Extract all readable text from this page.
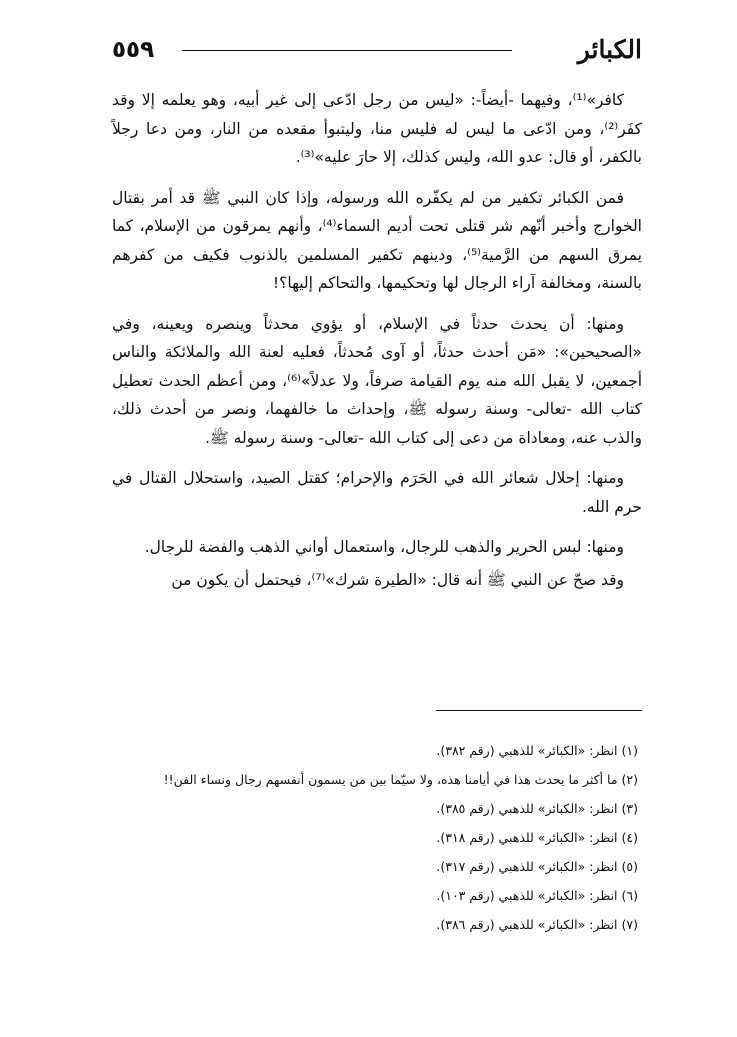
الكبائر
٥٥٩

كافر»⁽¹⁾، وفيهما -أيضاً-: «ليس من رجل ادّعى إلى غير أبيه، وهو يعلمه إلا وقد كفَر⁽²⁾، ومن ادّعى ما ليس له فليس منا، وليتبوأ مقعده من النار، ومن دعا رجلاً بالكفر، أو قال: عدو الله، وليس كذلك، إلا حارَ عليه»⁽³⁾.

فمن الكبائر تكفير من لم يكفّره الله ورسوله، وإذا كان النبي ﷺ قد أمر بقتال الخوارج وأخبر أنّهم شر قتلى تحت أديم السماء⁽⁴⁾، وأنهم يمرقون من الإسلام، كما يمرق السهم من الرَّمية⁽⁵⁾، ودينهم تكفير المسلمين بالذنوب فكيف من كفرهم بالسنة، ومخالفة آراء الرجال لها وتحكيمها، والتحاكم إليها؟!

ومنها: أن يحدث حدثاً في الإسلام، أو يؤوي محدثاً وينصره ويعينه، وفي «الصحيحين»: «مَن أحدث حدثاً، أو آوى مُحدثاً، فعليه لعنة الله والملائكة والناس أجمعين، لا يقبل الله منه يوم القيامة صرفاً، ولا عدلاً»⁽⁶⁾، ومن أعظم الحدث تعطيل كتاب الله -تعالى- وسنة رسوله ﷺ، وإحداث ما خالفهما، ونصر من أحدث ذلك، والذب عنه، ومعاداة من دعى إلى كتاب الله -تعالى- وسنة رسوله ﷺ.

ومنها: إحلال شعائر الله في الحَرَم والإحرام؛ كقتل الصيد، واستحلال القتال في حرم الله.

ومنها: لبس الحرير والذهب للرجال، واستعمال أواني الذهب والفضة للرجال.

وقد صحّ عن النبي ﷺ أنه قال: «الطيرة شرك»⁽⁷⁾، فيحتمل أن يكون من

(١) انظر: «الكبائر» للذهبي (رقم ٣٨٢).

(٢) ما أكثر ما يحدث هذا في أيامنا هذه، ولا سيّما بين من يسمون أنفسهم رجال ونساء الفن!!

(٣) انظر: «الكبائر» للذهبي (رقم ٣٨٥).

(٤) انظر: «الكبائر» للذهبي (رقم ٣١٨).

(٥) انظر: «الكبائر» للذهبي (رقم ٣١٧).

(٦) انظر: «الكبائر» للذهبي (رقم ١٠٣).

(٧) انظر: «الكبائر» للذهبي (رقم ٣٨٦).
